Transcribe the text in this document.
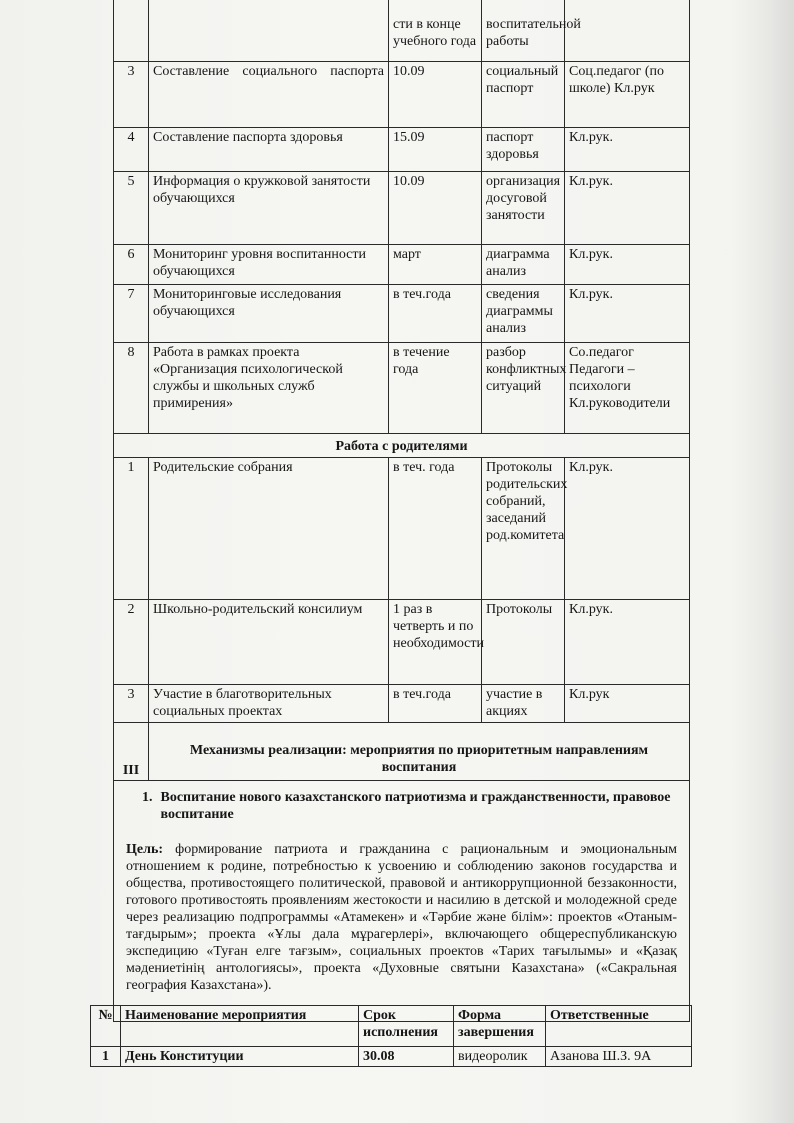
		сти в конце учебного года	воспитательной работы	
3	Составление социального паспорта	10.09	социальный паспорт	Соц.педагог (по школе) Кл.рук
4	Составление паспорта здоровья	15.09	паспорт здоровья	Кл.рук.
5	Информация о кружковой занятости обучающихся	10.09	организация досуговой занятости	Кл.рук.
6	Мониторинг уровня воспитанности обучающихся	март	диаграмма анализ	Кл.рук.
7	Мониторинговые исследования обучающихся	в теч.года	сведения диаграммы анализ	Кл.рук.
8	Работа в рамках проекта «Организация психологической службы и школьных служб примирения»	в течение года	разбор конфликтных ситуаций	Со.педагог Педагоги – психологи Кл.руководители
Работа с родителями				
1	Родительские собрания	в теч. года	Протоколы родительских собраний, заседаний род.комитета	Кл.рук.
2	Школьно-родительский консилиум	1 раз в четверть и по необходимости	Протоколы	Кл.рук.
3	Участие в благотворительных социальных проектах	в теч.года	участие в акциях	Кл.рук
III	Механизмы реализации: мероприятия по приоритетным направлениям воспитания			

1. Воспитание нового казахстанского патриотизма и гражданственности, правовое воспитание
Цель: формирование патриота и гражданина с рациональным и эмоциональным отношением к родине, потребностью к усвоению и соблюдению законов государства и общества, противостоящего политической, правовой и антикоррупционной беззаконности, готового противостоять проявлениям жестокости и насилию в детской и молодежной среде через реализацию подпрограммы «Атамекен» и «Тәрбие және білім»: проектов «Отаным-тағдырым»; проекта «Ұлы дала мұрагерлері», включающего общереспубликанскую экспедицию «Туған елге тағзым», социальных проектов «Тарих тағылымы» и «Қазақ мәдениетінің антологиясы», проекта «Духовные святыни Казахстана» («Сакральная география Казахстана»).				
№	Наименование мероприятия	Срок исполнения	Форма завершения	Ответственные
1	День Конституции	30.08	видеоролик	Азанова Ш.З. 9А
